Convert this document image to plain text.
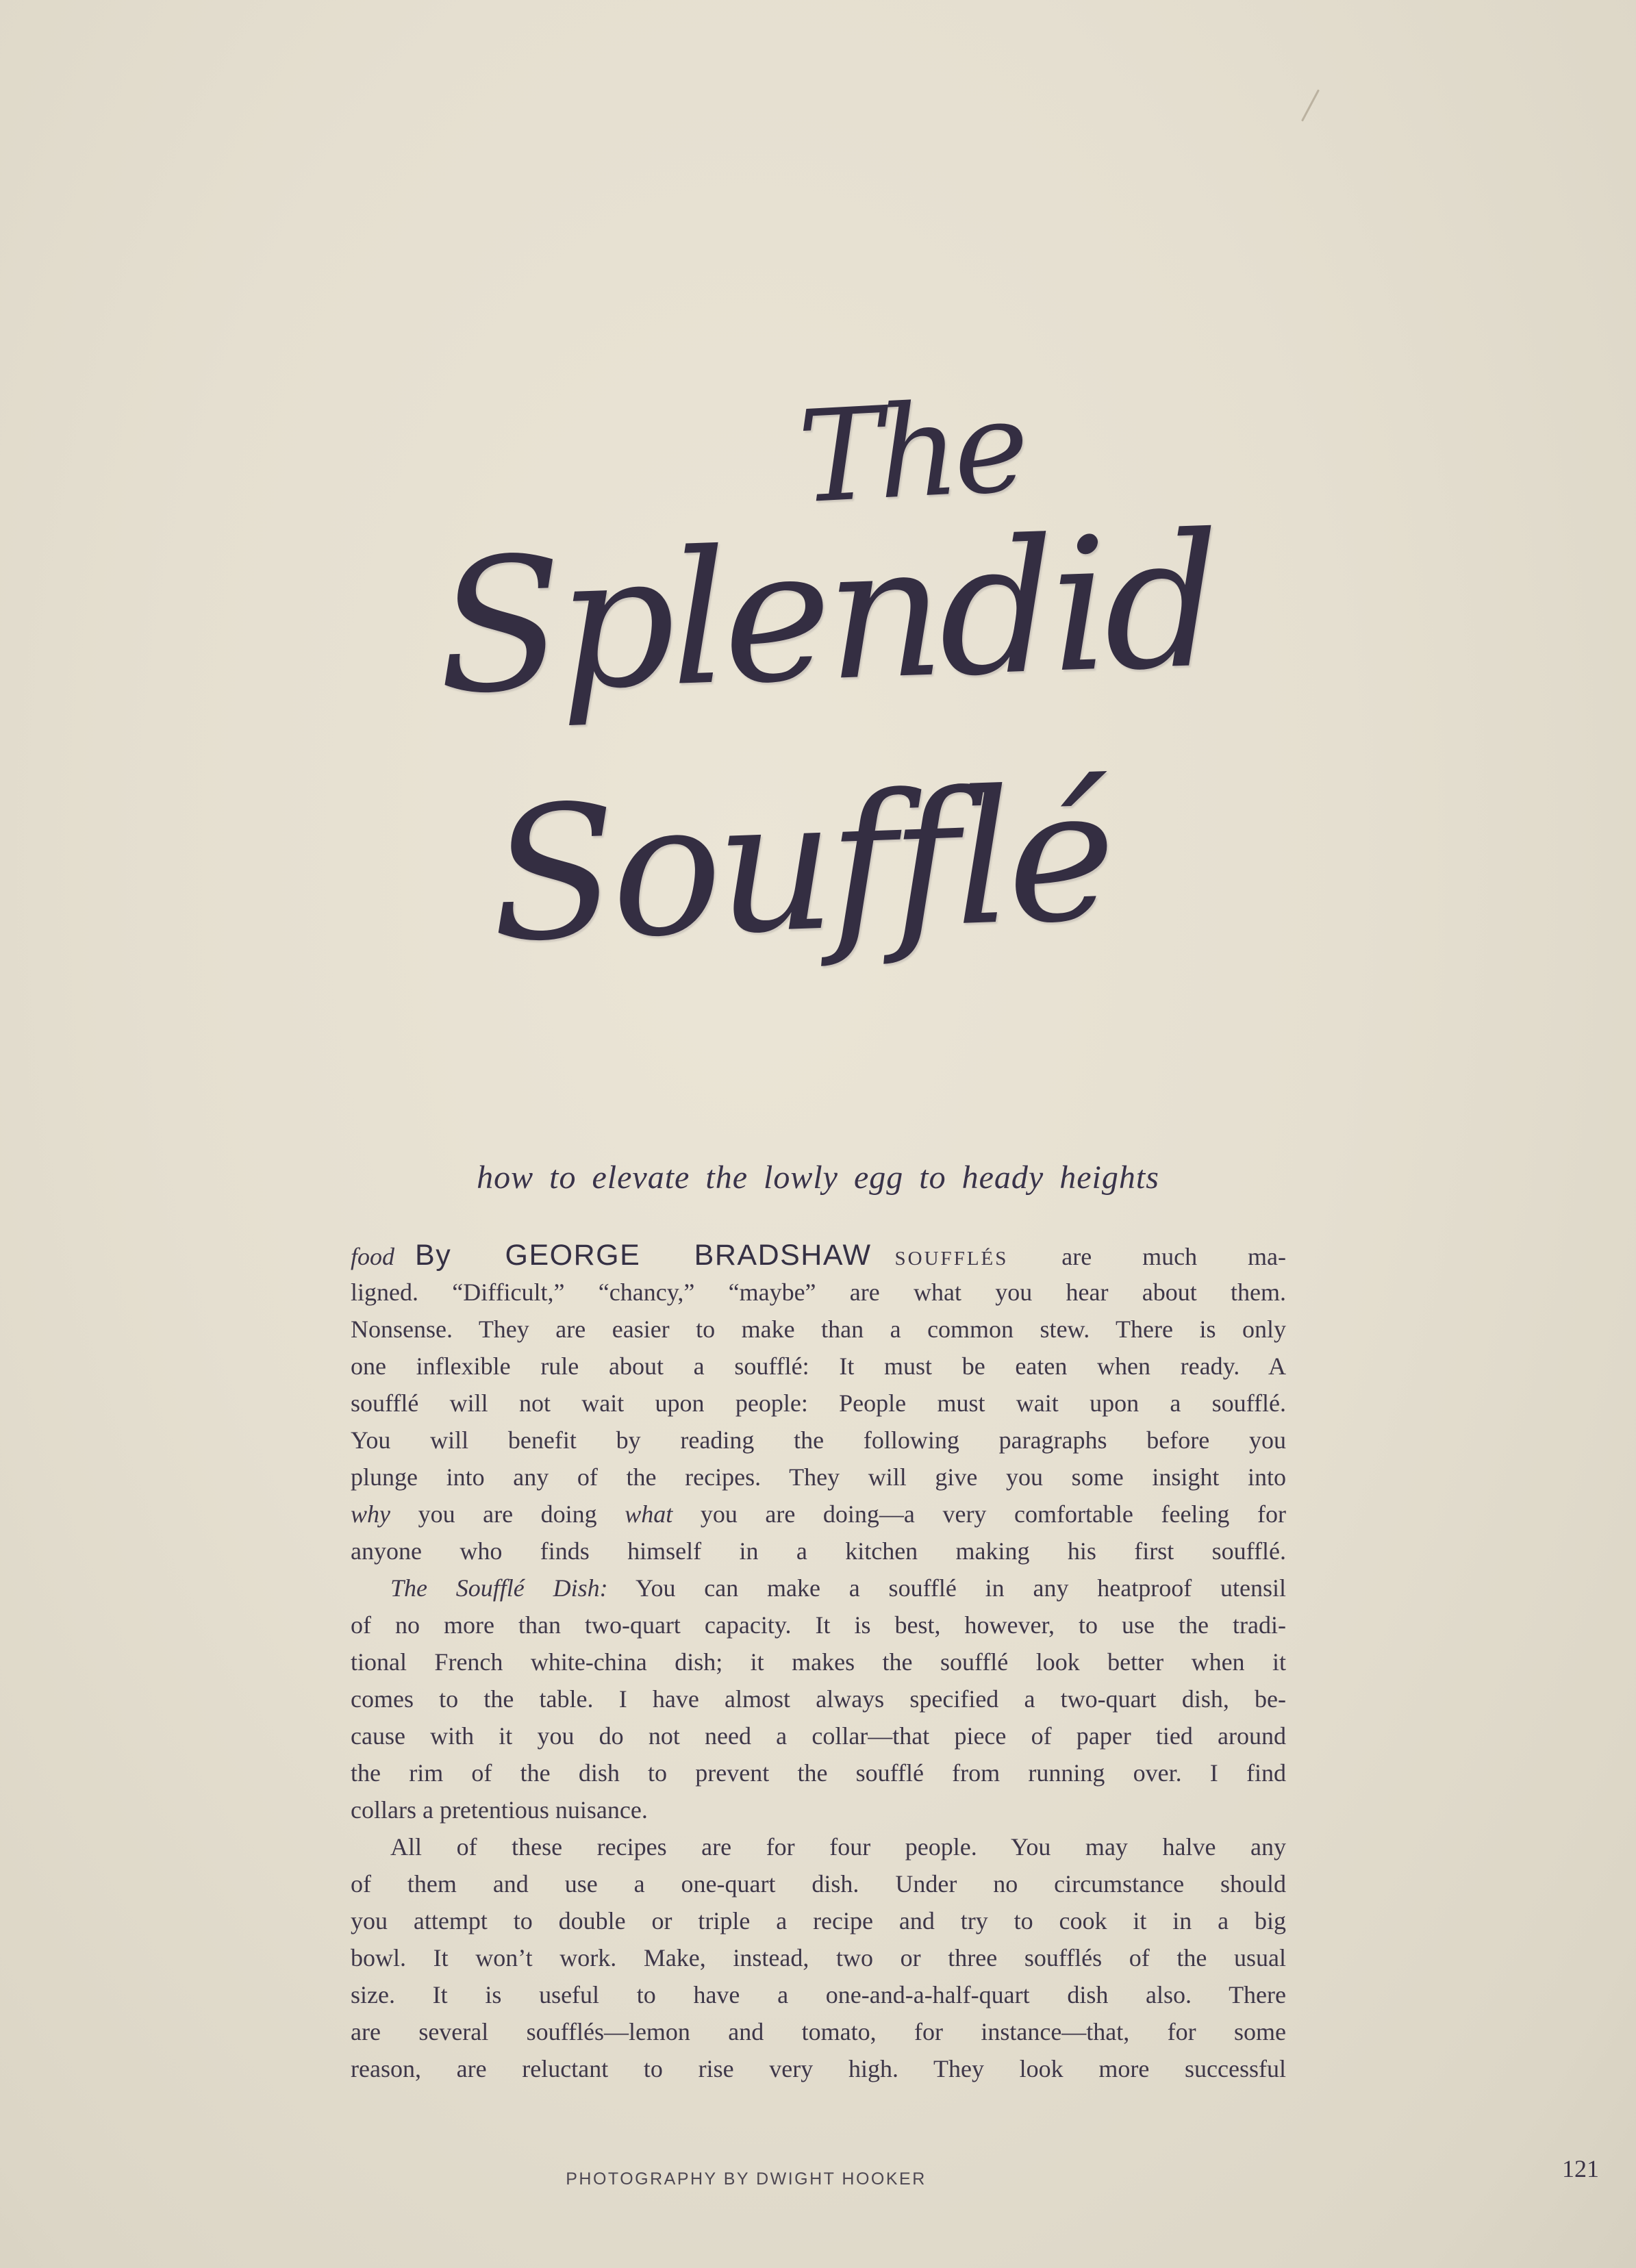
The
Splendid
Soufflé
how to elevate the lowly egg to heady heights
food By GEORGE BRADSHAW SOUFFLÉS are much ma-
ligned. “Difficult,” “chancy,” “maybe” are what you hear about them.
Nonsense. They are easier to make than a common stew. There is only
one inflexible rule about a soufflé: It must be eaten when ready. A
soufflé will not wait upon people: People must wait upon a soufflé.
You will benefit by reading the following paragraphs before you
plunge into any of the recipes. They will give you some insight into
why you are doing what you are doing—a very comfortable feeling for
anyone who finds himself in a kitchen making his first soufflé.
The Soufflé Dish: You can make a soufflé in any heatproof utensil
of no more than two-quart capacity. It is best, however, to use the tradi-
tional French white-china dish; it makes the soufflé look better when it
comes to the table. I have almost always specified a two-quart dish, be-
cause with it you do not need a collar—that piece of paper tied around
the rim of the dish to prevent the soufflé from running over. I find
collars a pretentious nuisance.
All of these recipes are for four people. You may halve any
of them and use a one-quart dish. Under no circumstance should
you attempt to double or triple a recipe and try to cook it in a big
bowl. It won’t work. Make, instead, two or three soufflés of the usual
size. It is useful to have a one-and-a-half-quart dish also. There
are several soufflés—lemon and tomato, for instance—that, for some
reason, are reluctant to rise very high. They look more successful
PHOTOGRAPHY BY DWIGHT HOOKER	121
